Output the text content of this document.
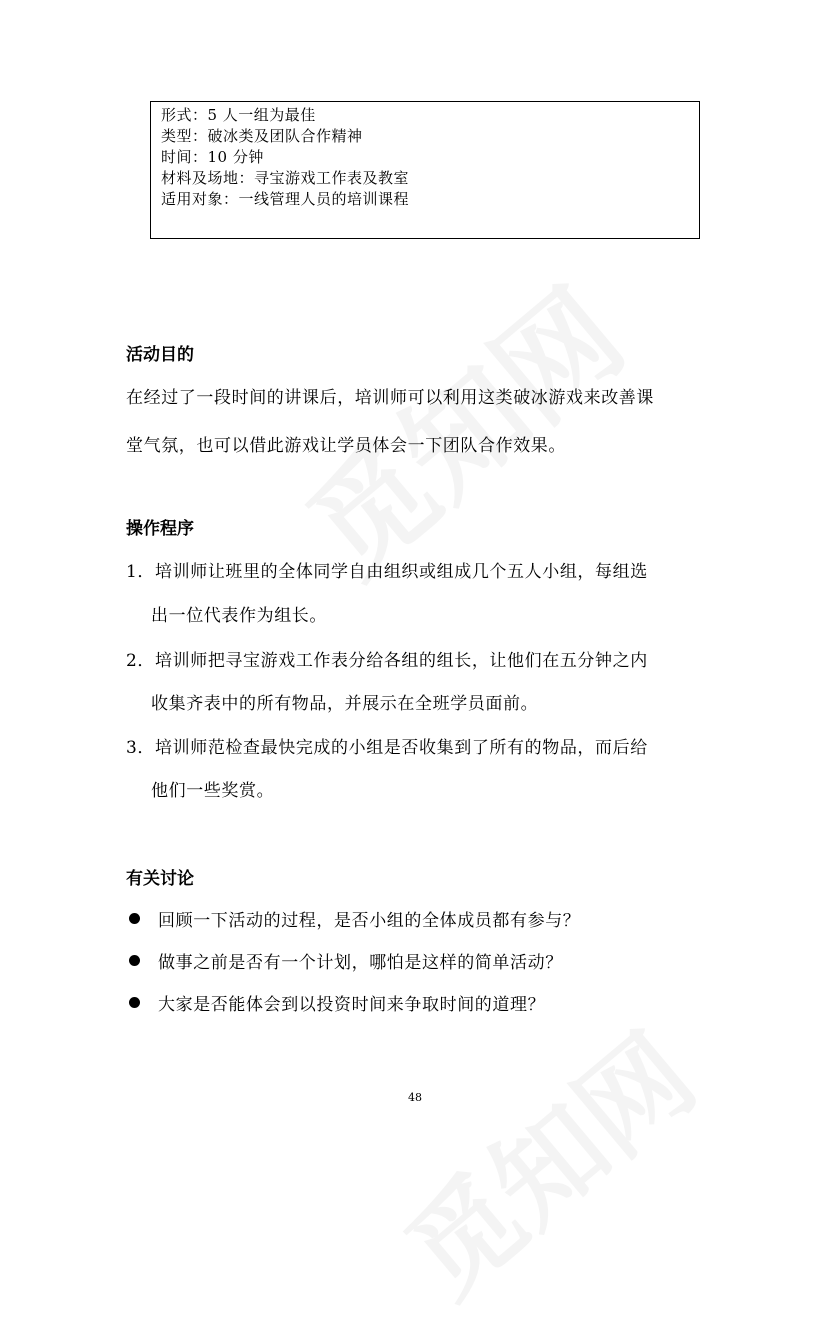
形式：5 人一组为最佳
类型：破冰类及团队合作精神
时间：10 分钟
材料及场地：寻宝游戏工作表及教室
适用对象：一线管理人员的培训课程
活动目的
在经过了一段时间的讲课后，培训师可以利用这类破冰游戏来改善课
堂气氛，也可以借此游戏让学员体会一下团队合作效果。
操作程序
1．培训师让班里的全体同学自由组织或组成几个五人小组，每组选
出一位代表作为组长。
2．培训师把寻宝游戏工作表分给各组的组长，让他们在五分钟之内
收集齐表中的所有物品，并展示在全班学员面前。
3．培训师范检查最快完成的小组是否收集到了所有的物品，而后给
他们一些奖赏。
有关讨论
回顾一下活动的过程，是否小组的全体成员都有参与？
做事之前是否有一个计划，哪怕是这样的简单活动？
大家是否能体会到以投资时间来争取时间的道理？
48
